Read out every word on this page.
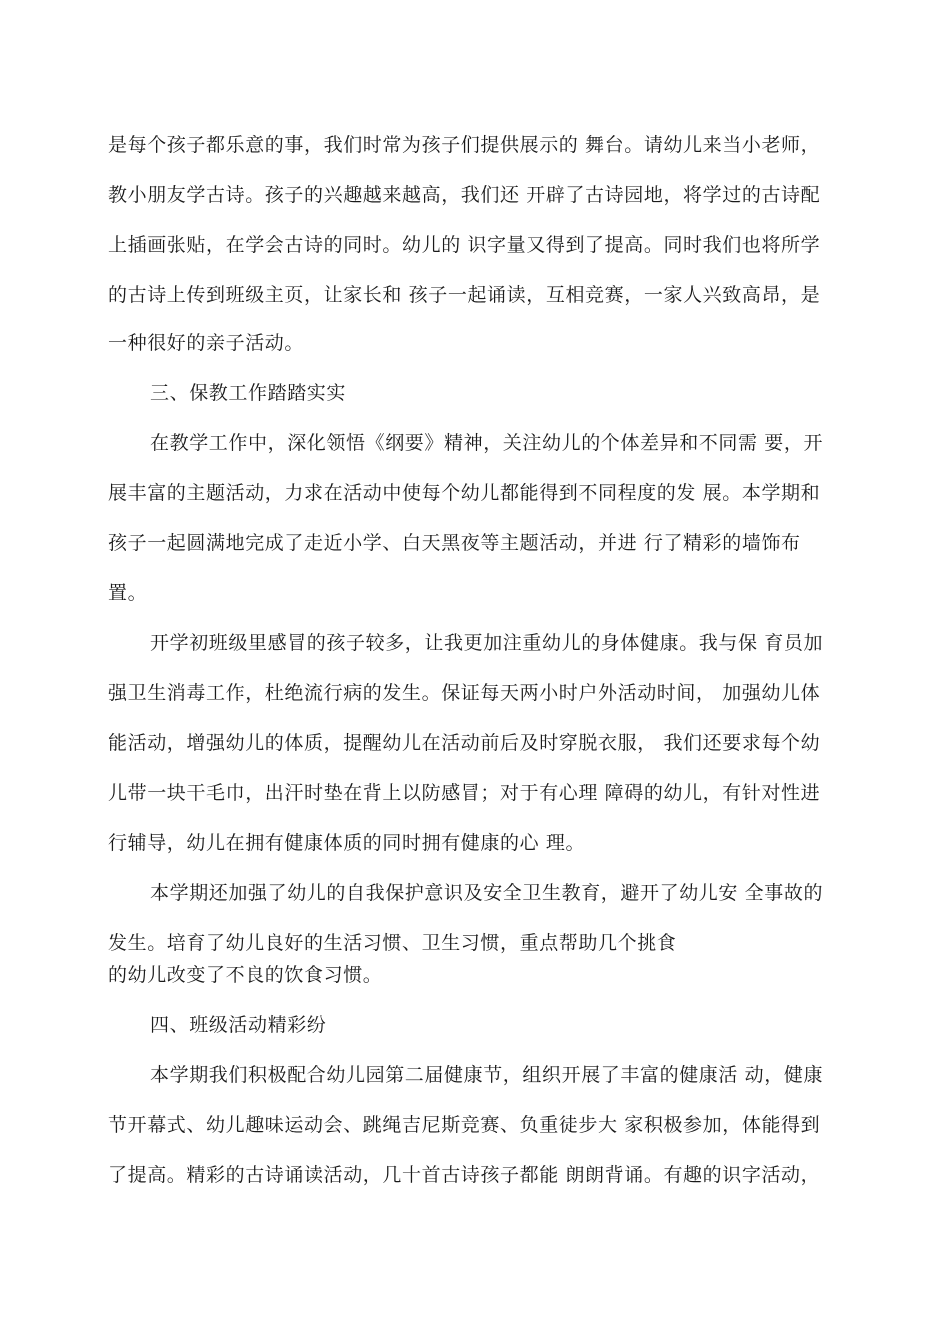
是每个孩子都乐意的事，我们时常为孩子们提供展示的 舞台。请幼儿来当小老师，
教小朋友学古诗。孩子的兴趣越来越高，我们还 开辟了古诗园地，将学过的古诗配
上插画张贴，在学会古诗的同时。幼儿的 识字量又得到了提高。同时我们也将所学
的古诗上传到班级主页，让家长和 孩子一起诵读，互相竞赛，一家人兴致高昂，是
一种很好的亲子活动。
三、保教工作踏踏实实
在教学工作中，深化领悟《纲要》精神，关注幼儿的个体差异和不同需 要，开
展丰富的主题活动，力求在活动中使每个幼儿都能得到不同程度的发 展。本学期和
孩子一起圆满地完成了走近小学、白天黑夜等主题活动，并进 行了精彩的墙饰布
置。
开学初班级里感冒的孩子较多，让我更加注重幼儿的身体健康。我与保 育员加
强卫生消毒工作，杜绝流行病的发生。保证每天两小时户外活动时间， 加强幼儿体
能活动，增强幼儿的体质，提醒幼儿在活动前后及时穿脱衣服， 我们还要求每个幼
儿带一块干毛巾，出汗时垫在背上以防感冒；对于有心理 障碍的幼儿，有针对性进
行辅导，幼儿在拥有健康体质的同时拥有健康的心 理。
本学期还加强了幼儿的自我保护意识及安全卫生教育，避开了幼儿安 全事故的
发生。培育了幼儿良好的生活习惯、卫生习惯，重点帮助几个挑食
的幼儿改变了不良的饮食习惯。
四、班级活动精彩纷
本学期我们积极配合幼儿园第二届健康节，组织开展了丰富的健康活 动，健康
节开幕式、幼儿趣味运动会、跳绳吉尼斯竞赛、负重徒步大 家积极参加，体能得到
了提高。精彩的古诗诵读活动，几十首古诗孩子都能 朗朗背诵。有趣的识字活动，
